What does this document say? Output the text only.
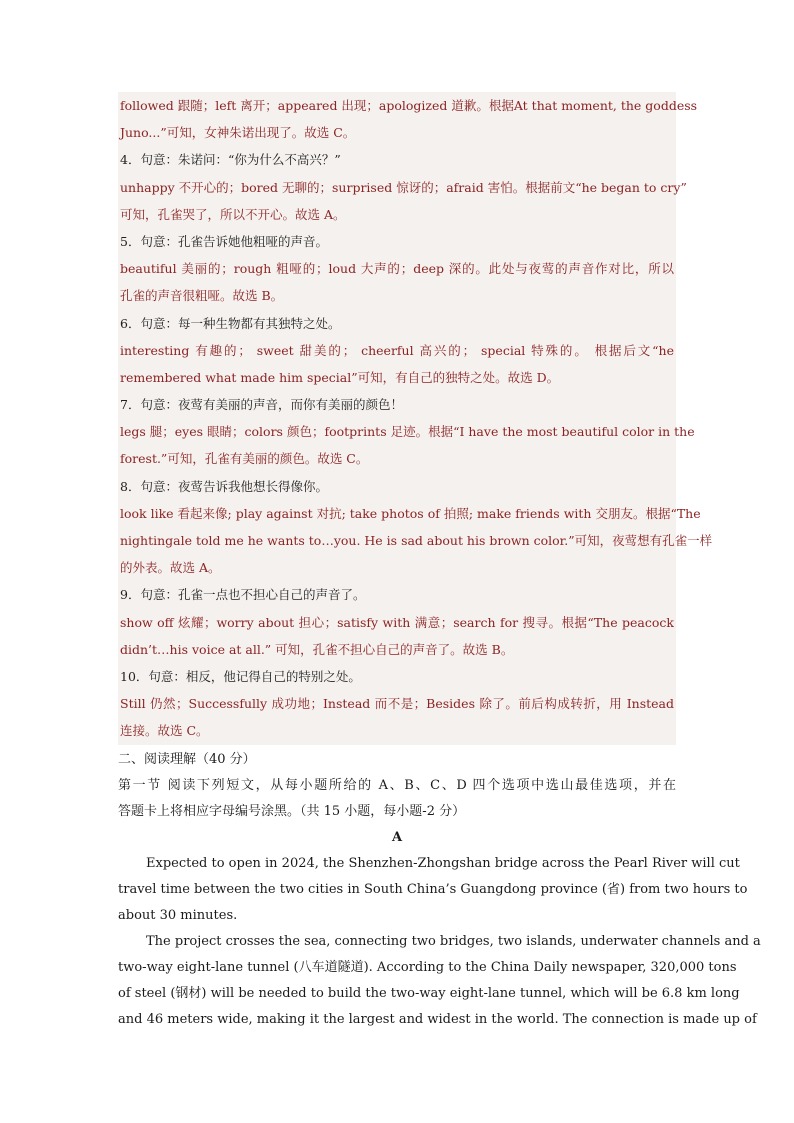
followed 跟随；left 离开；appeared 出现；apologized 道歉。根据At that moment, the goddess
Juno...”可知，女神朱诺出现了。故选 C。
4．句意：朱诺问：“你为什么不高兴？”
unhappy 不开心的；bored 无聊的；surprised 惊讶的；afraid 害怕。根据前文“he began to cry”
可知，孔雀哭了，所以不开心。故选 A。
5．句意：孔雀告诉她他粗哑的声音。
beautiful 美丽的；rough 粗哑的；loud 大声的；deep 深的。此处与夜莺的声音作对比，所以
孔雀的声音很粗哑。故选 B。
6．句意：每一种生物都有其独特之处。
interesting 有趣的； sweet 甜美的； cheerful 高兴的； special 特殊的。 根据后文“he
remembered what made him special”可知，有自己的独特之处。故选 D。
7．句意：夜莺有美丽的声音，而你有美丽的颜色！
legs 腿；eyes 眼睛；colors 颜色；footprints 足迹。根据“I have the most beautiful color in the
forest.”可知，孔雀有美丽的颜色。故选 C。
8．句意：夜莺告诉我他想长得像你。
look like 看起来像; play against 对抗; take photos of 拍照; make friends with 交朋友。根据“The
nightingale told me he wants to…you. He is sad about his brown color.”可知，夜莺想有孔雀一样
的外表。故选 A。
9．句意：孔雀一点也不担心自己的声音了。
show off 炫耀；worry about 担心；satisfy with 满意；search for 搜寻。根据“The peacock
didn’t…his voice at all.” 可知，孔雀不担心自己的声音了。故选 B。
10．句意：相反，他记得自己的特别之处。
Still 仍然；Successfully 成功地；Instead 而不是；Besides 除了。前后构成转折，用 Instead
连接。故选 C。
二、阅读理解（40 分）
第一节 阅读下列短文，从每小题所给的 A、B、C、D 四个选项中选山最佳选项，并在
答题卡上将相应字母编号涂黑。（共 15 小题，每小题-2 分）
A
Expected to open in 2024, the Shenzhen-Zhongshan bridge across the Pearl River will cut
travel time between the two cities in South China’s Guangdong province (省) from two hours to
about 30 minutes.
The project crosses the sea, connecting two bridges, two islands, underwater channels and a
two-way eight-lane tunnel (八车道隧道). According to the China Daily newspaper, 320,000 tons
of steel (钢材) will be needed to build the two-way eight-lane tunnel, which will be 6.8 km long
and 46 meters wide, making it the largest and widest in the world. The connection is made up of
